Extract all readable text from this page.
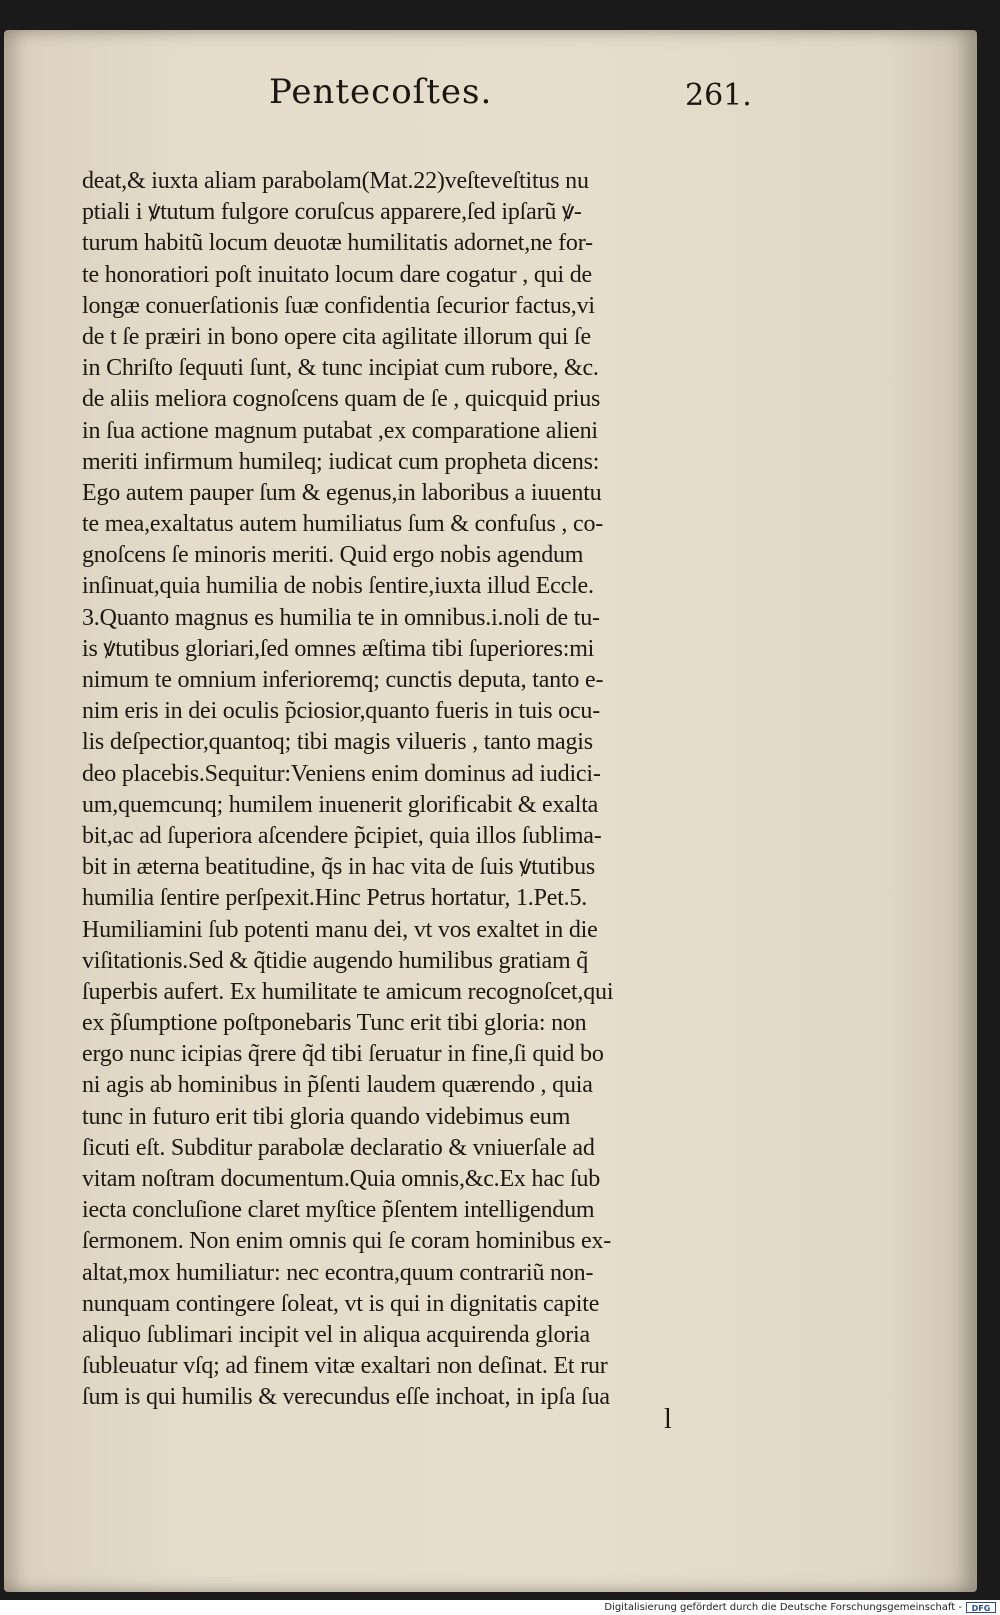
Pentecoſtes.	261.
deat,& iuxta aliam parabolam(Mat.22)veſteveſtitus nu
ptiali i ꝟtutum fulgore coruſcus apparere,ſed ipſarũ ꝟ-
turum habitũ locum deuotæ humilitatis adornet,ne for-
te honoratiori poſt inuitato locum dare cogatur , qui de
longæ conuerſationis ſuæ confidentia ſecurior factus,vi
de t ſe præiri in bono opere cita agilitate illorum qui ſe
in Chriſto ſequuti ſunt, & tunc incipiat cum rubore, &c.
de aliis meliora cognoſcens quam de ſe , quicquid prius
in ſua actione magnum putabat ,ex comparatione alieni
meriti infirmum humileq; iudicat cum propheta dicens:
Ego autem pauper ſum & egenus,in laboribus a iuuentu
te mea,exaltatus autem humiliatus ſum & confuſus , co-
gnoſcens ſe minoris meriti. Quid ergo nobis agendum
inſinuat,quia humilia de nobis ſentire,iuxta illud Eccle.
3.Quanto magnus es humilia te in omnibus.i.noli de tu-
is ꝟtutibus gloriari,ſed omnes æſtima tibi ſuperiores:mi
nimum te omnium inferioremq; cunctis deputa, tanto e-
nim eris in dei oculis p̃ciosior,quanto fueris in tuis ocu-
lis deſpectior,quantoq; tibi magis vilueris , tanto magis
deo placebis.Sequitur:Veniens enim dominus ad iudici-
um,quemcunq; humilem inuenerit glorificabit & exalta
bit,ac ad ſuperiora aſcendere p̃cipiet, quia illos ſublima-
bit in æterna beatitudine, q̃s in hac vita de ſuis ꝟtutibus
humilia ſentire perſpexit.Hinc Petrus hortatur, 1.Pet.5.
Humiliamini ſub potenti manu dei, vt vos exaltet in die
viſitationis.Sed & q̃tidie augendo humilibus gratiam q̃
ſuperbis aufert. Ex humilitate te amicum recognoſcet,qui
ex p̃ſumptione poſtponebaris Tunc erit tibi gloria: non
ergo nunc icipias q̃rere q̃d tibi ſeruatur in fine,ſi quid bo
ni agis ab hominibus in p̃ſenti laudem quærendo , quia
tunc in futuro erit tibi gloria quando videbimus eum
ſicuti eſt. Subditur parabolæ declaratio & vniuerſale ad
vitam noſtram documentum.Quia omnis,&c.Ex hac ſub
iecta concluſione claret myſtice p̃ſentem intelligendum
ſermonem. Non enim omnis qui ſe coram hominibus ex-
altat,mox humiliatur: nec econtra,quum contrariũ non-
nunquam contingere ſoleat, vt is qui in dignitatis capite
aliquo ſublimari incipit vel in aliqua acquirenda gloria
ſubleuatur vſq; ad finem vitæ exaltari non deſinat. Et rur
ſum is qui humilis & verecundus eſſe inchoat, in ipſa ſua
l
Digitalisierung gefördert durch die Deutsche Forschungsgemeinschaft -	DFG
